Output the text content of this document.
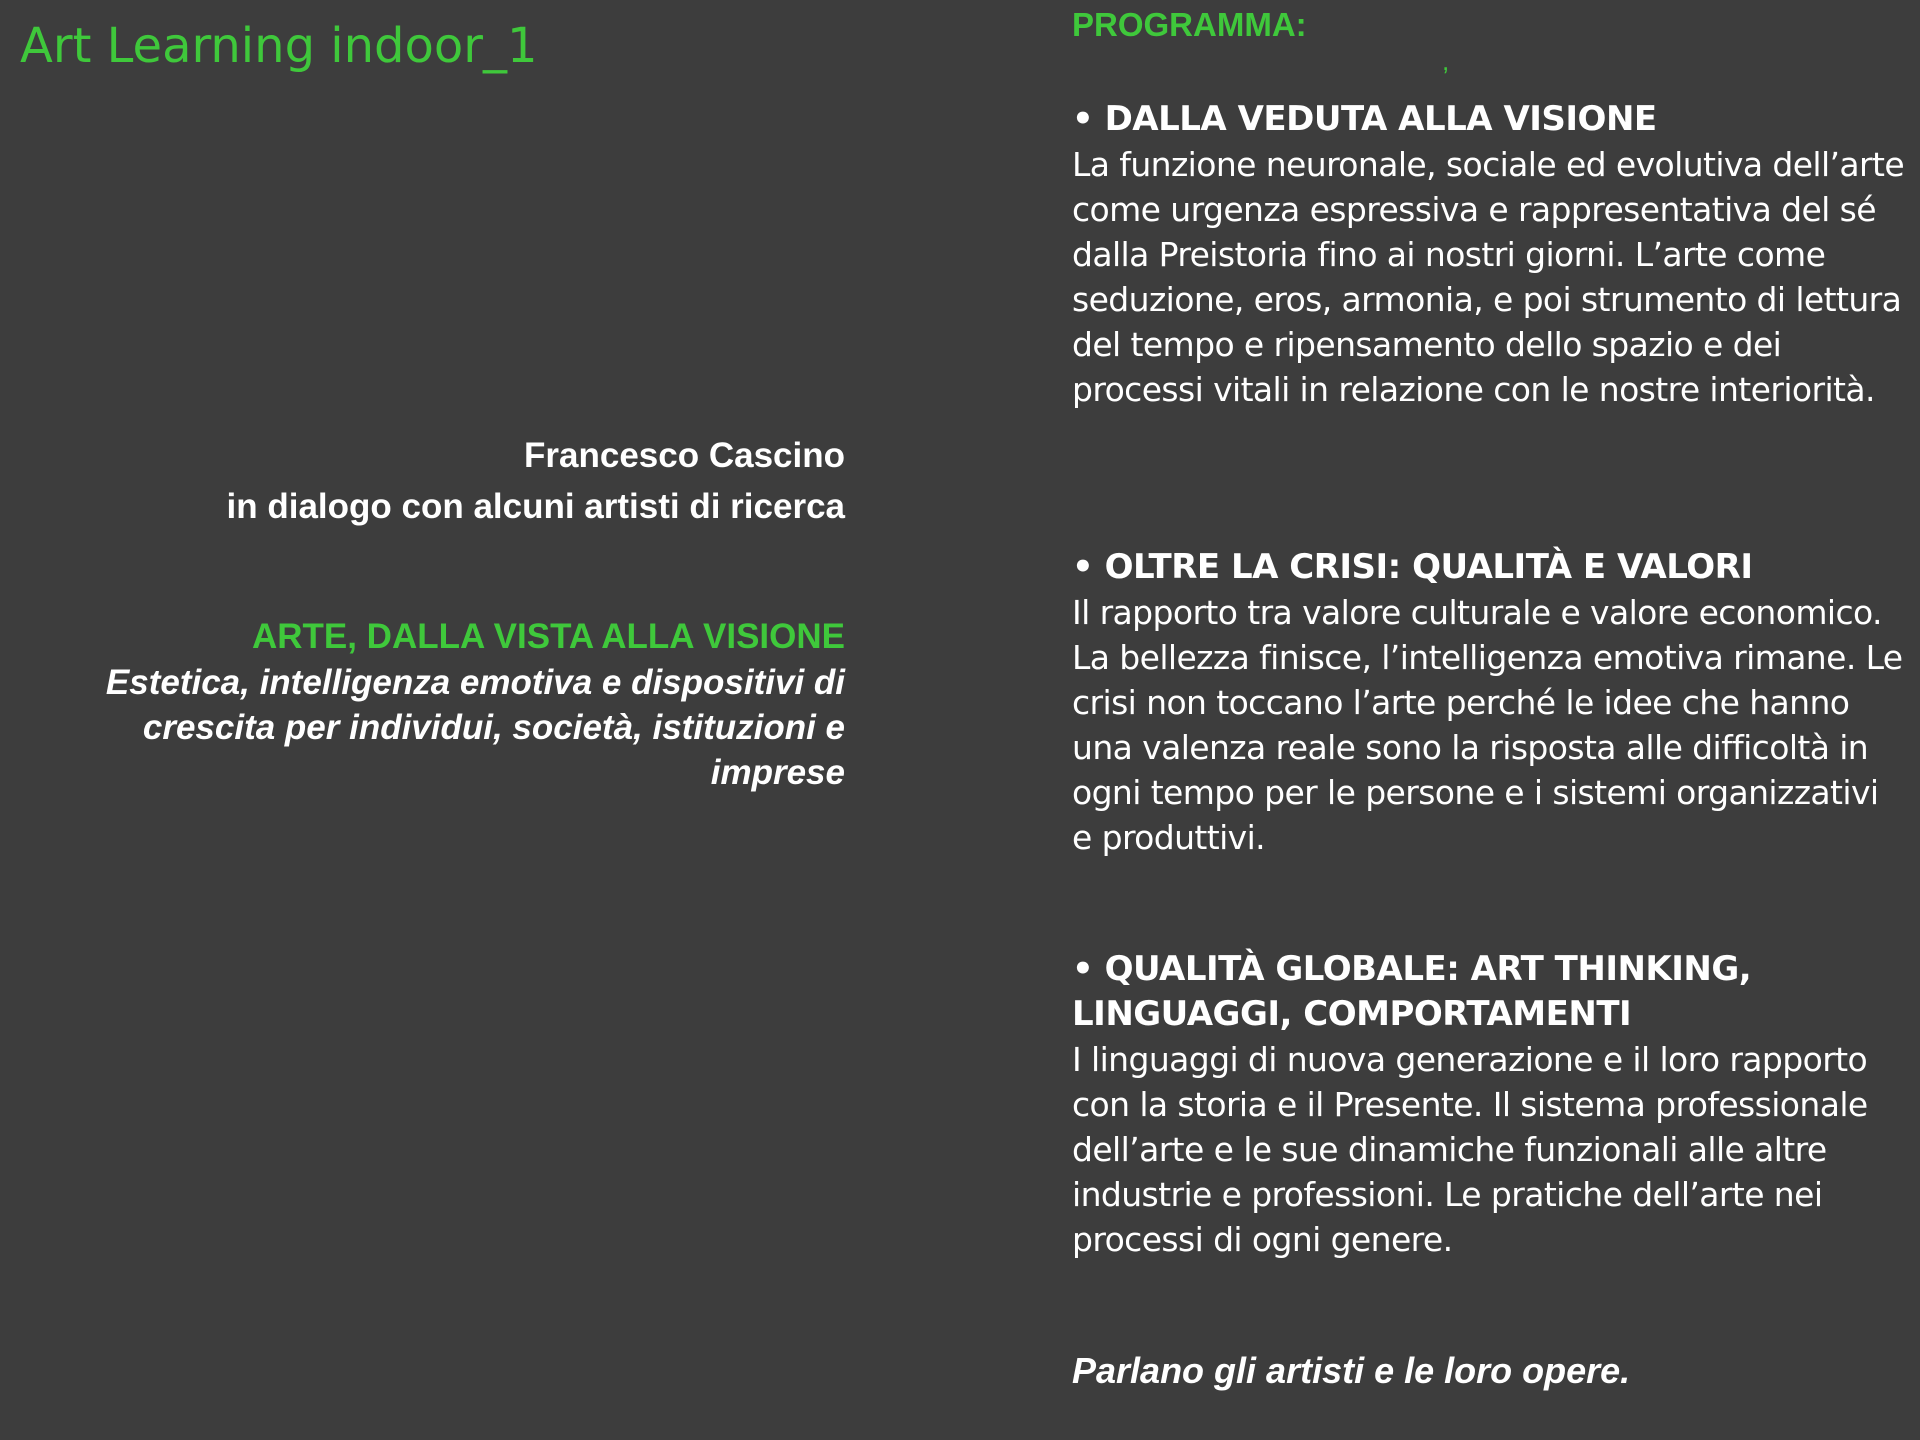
Art Learning indoor_1
Francesco Cascino
in dialogo con alcuni artisti di ricerca
ARTE, DALLA VISTA ALLA VISIONE
Estetica, intelligenza emotiva e dispositivi di crescita per individui, società, istituzioni e imprese
PROGRAMMA:
,
• DALLA VEDUTA ALLA VISIONE
La funzione neuronale, sociale ed evolutiva dell’arte come urgenza espressiva e rappresentativa del sé dalla Preistoria fino ai nostri giorni. L’arte come seduzione, eros, armonia, e poi strumento di lettura del tempo e ripensamento dello spazio e dei processi vitali in relazione con le nostre interiorità.
• OLTRE LA CRISI: QUALITÀ E VALORI
Il rapporto tra valore culturale e valore economico. La bellezza finisce, l’intelligenza emotiva rimane. Le crisi non toccano l’arte perché le idee che hanno una valenza reale sono la risposta alle difficoltà in ogni tempo per le persone e i sistemi organizzativi e produttivi.
• QUALITÀ GLOBALE: ART THINKING, LINGUAGGI, COMPORTAMENTI
I linguaggi di nuova generazione e il loro rapporto con la storia e il Presente. Il sistema professionale dell’arte e le sue dinamiche funzionali alle altre industrie e professioni. Le pratiche dell’arte nei processi di ogni genere.
Parlano gli artisti e le loro opere.
